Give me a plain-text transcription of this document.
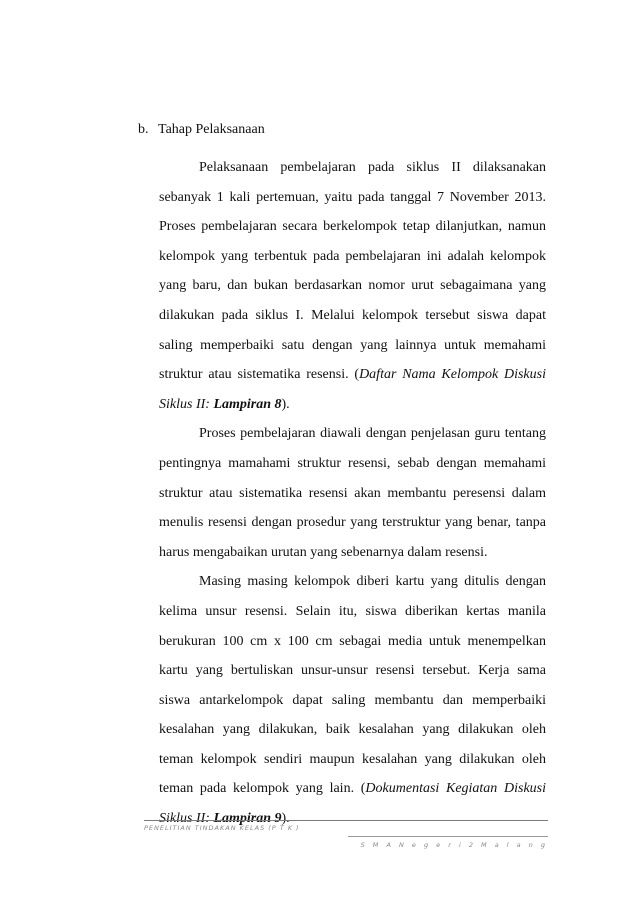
b. Tahap Pelaksanaan

Pelaksanaan pembelajaran pada siklus II dilaksanakan sebanyak 1 kali pertemuan, yaitu pada tanggal 7 November 2013. Proses pembelajaran secara berkelompok tetap dilanjutkan, namun kelompok yang terbentuk pada pembelajaran ini adalah kelompok yang baru, dan bukan berdasarkan nomor urut sebagaimana yang dilakukan pada siklus I. Melalui kelompok tersebut siswa dapat saling memperbaiki satu dengan yang lainnya untuk memahami struktur atau sistematika resensi. (Daftar Nama Kelompok Diskusi Siklus II: Lampiran 8).

Proses pembelajaran diawali dengan penjelasan guru tentang pentingnya mamahami struktur resensi, sebab dengan memahami struktur atau sistematika resensi akan membantu peresensi dalam menulis resensi dengan prosedur yang terstruktur yang benar, tanpa harus mengabaikan urutan yang sebenarnya dalam resensi.

Masing masing kelompok diberi kartu yang ditulis dengan kelima unsur resensi. Selain itu, siswa diberikan kertas manila berukuran 100 cm x 100 cm sebagai media untuk menempelkan kartu yang bertuliskan unsur-unsur resensi tersebut. Kerja sama siswa antarkelompok dapat saling membantu dan memperbaiki kesalahan yang dilakukan, baik kesalahan yang dilakukan oleh teman kelompok sendiri maupun kesalahan yang dilakukan oleh teman pada kelompok yang lain. (Dokumentasi Kegiatan Diskusi Siklus II: Lampiran 9).

PENELITIAN TINDAKAN KELAS (P T K )
S M A N e g e r i 2 M a l a n g
